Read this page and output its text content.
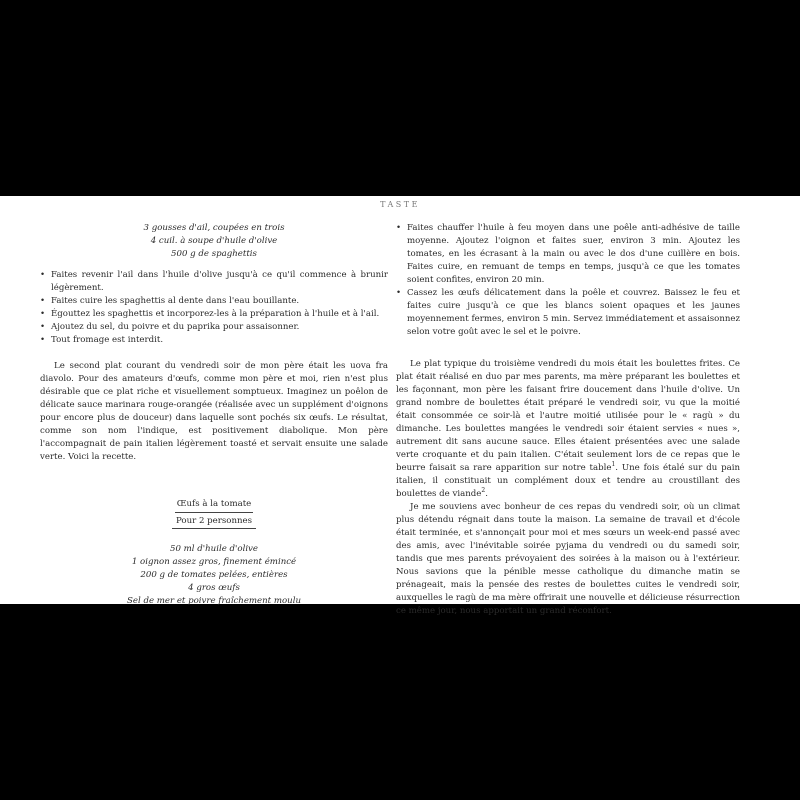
TASTE
3 gousses d'ail, coupées en trois
4 cuil. à soupe d'huile d'olive
500 g de spaghettis
• Faites revenir l'ail dans l'huile d'olive jusqu'à ce qu'il commence à brunir légèrement.
• Faites cuire les spaghettis al dente dans l'eau bouillante.
• Égouttez les spaghettis et incorporez-les à la préparation à l'huile et à l'ail.
• Ajoutez du sel, du poivre et du paprika pour assaisonner.
• Tout fromage est interdit.

Le second plat courant du vendredi soir de mon père était les uova fra diavolo. Pour des amateurs d'œufs, comme mon père et moi, rien n'est plus désirable que ce plat riche et visuellement somptueux. Imaginez un poêlon de délicate sauce marinara rouge-orangée (réalisée avec un supplément d'oignons pour encore plus de douceur) dans laquelle sont pochés six œufs. Le résultat, comme son nom l'indique, est positivement diabolique. Mon père l'accompagnait de pain italien légèrement toasté et servait ensuite une salade verte. Voici la recette.

Œufs à la tomate
Pour 2 personnes
50 ml d'huile d'olive
1 oignon assez gros, finement émincé
200 g de tomates pelées, entières
4 gros œufs
Sel de mer et poivre fraîchement moulu
• Faites chauffer l'huile à feu moyen dans une poêle anti-adhésive de taille moyenne. Ajoutez l'oignon et faites suer, environ 3 min. Ajoutez les tomates, en les écrasant à la main ou avec le dos d'une cuillère en bois. Faites cuire, en remuant de temps en temps, jusqu'à ce que les tomates soient confites, environ 20 min.
• Cassez les œufs délicatement dans la poêle et couvrez. Baissez le feu et faites cuire jusqu'à ce que les blancs soient opaques et les jaunes moyennement fermes, environ 5 min. Servez immédiatement et assaisonnez selon votre goût avec le sel et le poivre.

Le plat typique du troisième vendredi du mois était les boulettes frites. Ce plat était réalisé en duo par mes parents, ma mère préparant les boulettes et les façonnant, mon père les faisant frire doucement dans l'huile d'olive. Un grand nombre de boulettes était préparé le vendredi soir, vu que la moitié était consommée ce soir-là et l'autre moitié utilisée pour le « ragù » du dimanche. Les boulettes mangées le vendredi soir étaient servies « nues », autrement dit sans aucune sauce. Elles étaient présentées avec une salade verte croquante et du pain italien. C'était seulement lors de ce repas que le beurre faisait sa rare apparition sur notre table$^1$. Une fois étalé sur du pain italien, il constituait un complément doux et tendre au croustillant des boulettes de viande$^2$.

Je me souviens avec bonheur de ces repas du vendredi soir, où un climat plus détendu régnait dans toute la maison. La semaine de travail et d'école était terminée, et s'annonçait pour moi et mes sœurs un week-end passé avec des amis, avec l'inévitable soirée pyjama du vendredi ou du samedi soir, tandis que mes parents prévoyaient des soirées à la maison ou à l'extérieur. Nous savions que la pénible messe catholique du dimanche matin se prénageait, mais la pensée des restes de boulettes cuites le vendredi soir, auxquelles le ragù de ma mère offrirait une nouvelle et délicieuse résurrection ce même jour, nous apportait un grand réconfort.
